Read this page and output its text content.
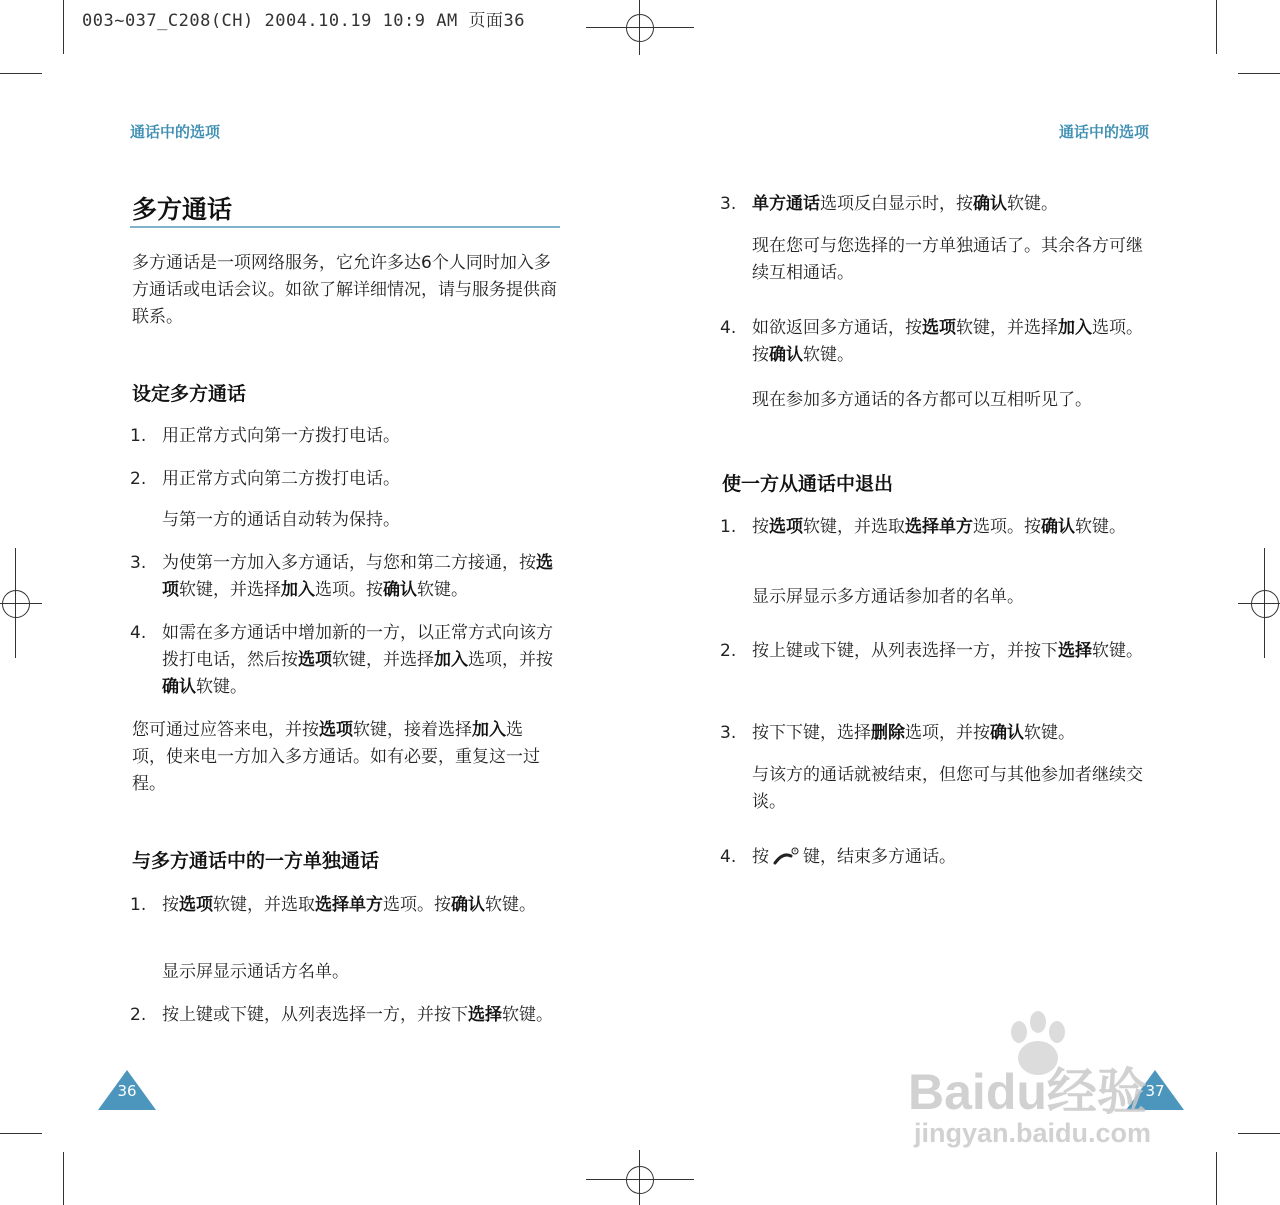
003~037_C208(CH) 2004.10.19 10:9 AM 页面36
通话中的选项
多方通话
多方通话是一项网络服务，它允许多达6个人同时加入多方通话或电话会议。如欲了解详细情况，请与服务提供商联系。
设定多方通话
1. 用正常方式向第一方拨打电话。
2. 用正常方式向第二方拨打电话。
与第一方的通话自动转为保持。
3. 为使第一方加入多方通话，与您和第二方接通，按选项软键，并选择加入选项。按确认软键。
4. 如需在多方通话中增加新的一方，以正常方式向该方拨打电话，然后按选项软键，并选择加入选项，并按确认软键。
您可通过应答来电，并按选项软键，接着选择加入选项，使来电一方加入多方通话。如有必要，重复这一过程。
与多方通话中的一方单独通话
1. 按选项软键，并选取选择单方选项。按确认软键。
显示屏显示通话方名单。
2. 按上键或下键，从列表选择一方，并按下选择软键。
36
通话中的选项
3. 单方通话选项反白显示时，按确认软键。
现在您可与您选择的一方单独通话了。其余各方可继续互相通话。
4. 如欲返回多方通话，按选项软键，并选择加入选项。按确认软键。
现在参加多方通话的各方都可以互相听见了。
使一方从通话中退出
1. 按选项软键，并选取选择单方选项。按确认软键。
显示屏显示多方通话参加者的名单。
2. 按上键或下键，从列表选择一方，并按下选择软键。
3. 按下下键，选择删除选项，并按确认软键。
与该方的通话就被结束，但您可与其他参加者继续交谈。
4. 按 键，结束多方通话。
37
Baidu经验
jingyan.baidu.com
